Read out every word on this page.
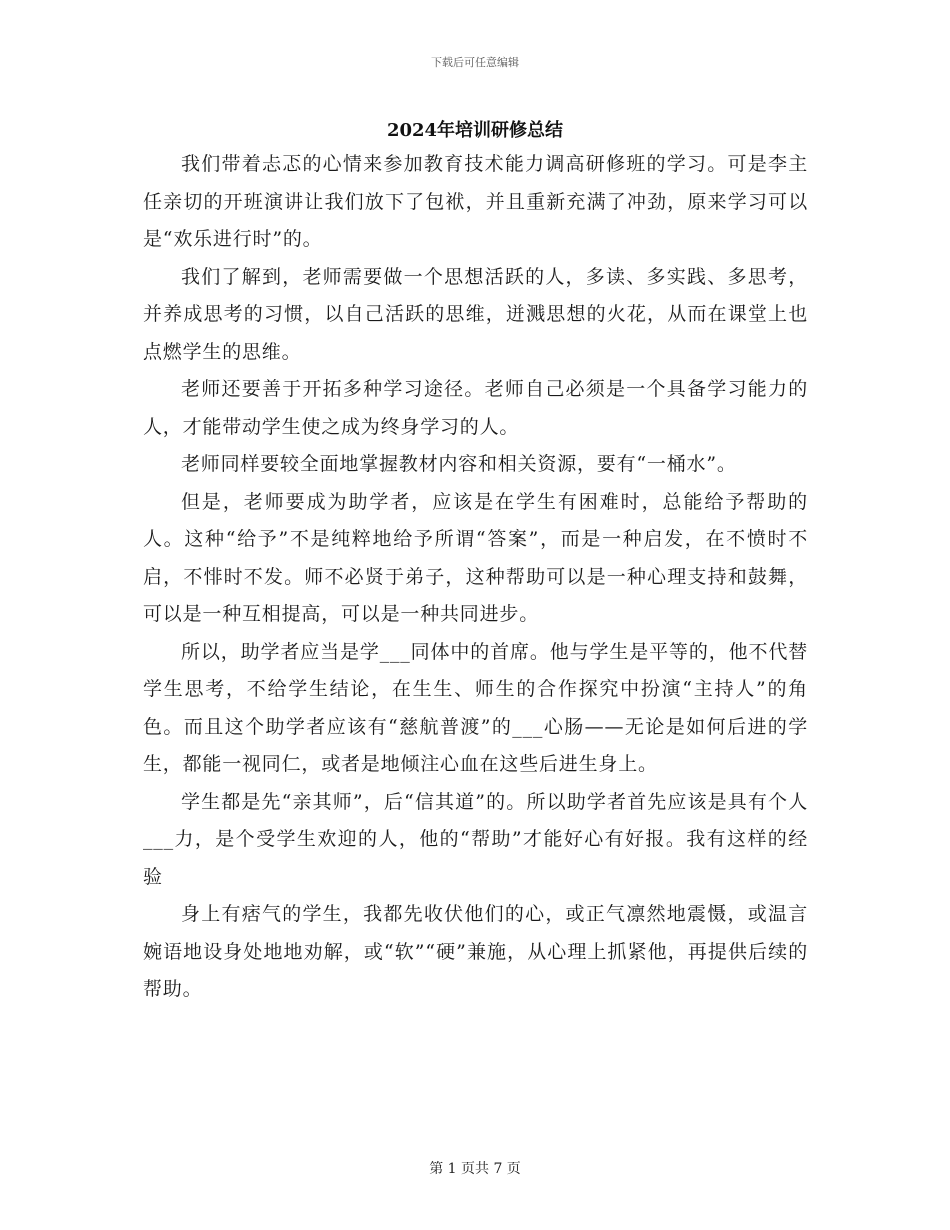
下载后可任意编辑
2024年培训研修总结

我们带着忐忑的心情来参加教育技术能力调高研修班的学习。可是李主任亲切的开班演讲让我们放下了包袱，并且重新充满了冲劲，原来学习可以是“欢乐进行时”的。

我们了解到，老师需要做一个思想活跃的人，多读、多实践、多思考，并养成思考的习惯，以自己活跃的思维，迸溅思想的火花，从而在课堂上也点燃学生的思维。

老师还要善于开拓多种学习途径。老师自己必须是一个具备学习能力的人，才能带动学生使之成为终身学习的人。

老师同样要较全面地掌握教材内容和相关资源，要有“一桶水”。

但是，老师要成为助学者，应该是在学生有困难时，总能给予帮助的人。这种“给予”不是纯粹地给予所谓“答案”，而是一种启发，在不愤时不启，不悱时不发。师不必贤于弟子，这种帮助可以是一种心理支持和鼓舞，可以是一种互相提高，可以是一种共同进步。

所以，助学者应当是学___同体中的首席。他与学生是平等的，他不代替学生思考，不给学生结论，在生生、师生的合作探究中扮演“主持人”的角色。而且这个助学者应该有“慈航普渡”的___心肠——无论是如何后进的学生，都能一视同仁，或者是地倾注心血在这些后进生身上。

学生都是先“亲其师”，后“信其道”的。所以助学者首先应该是具有个人___力，是个受学生欢迎的人，他的“帮助”才能好心有好报。我有这样的经验

身上有痞气的学生，我都先收伏他们的心，或正气凛然地震慑，或温言婉语地设身处地地劝解，或“软”“硬”兼施，从心理上抓紧他，再提供后续的帮助。

第 1 页共 7 页
